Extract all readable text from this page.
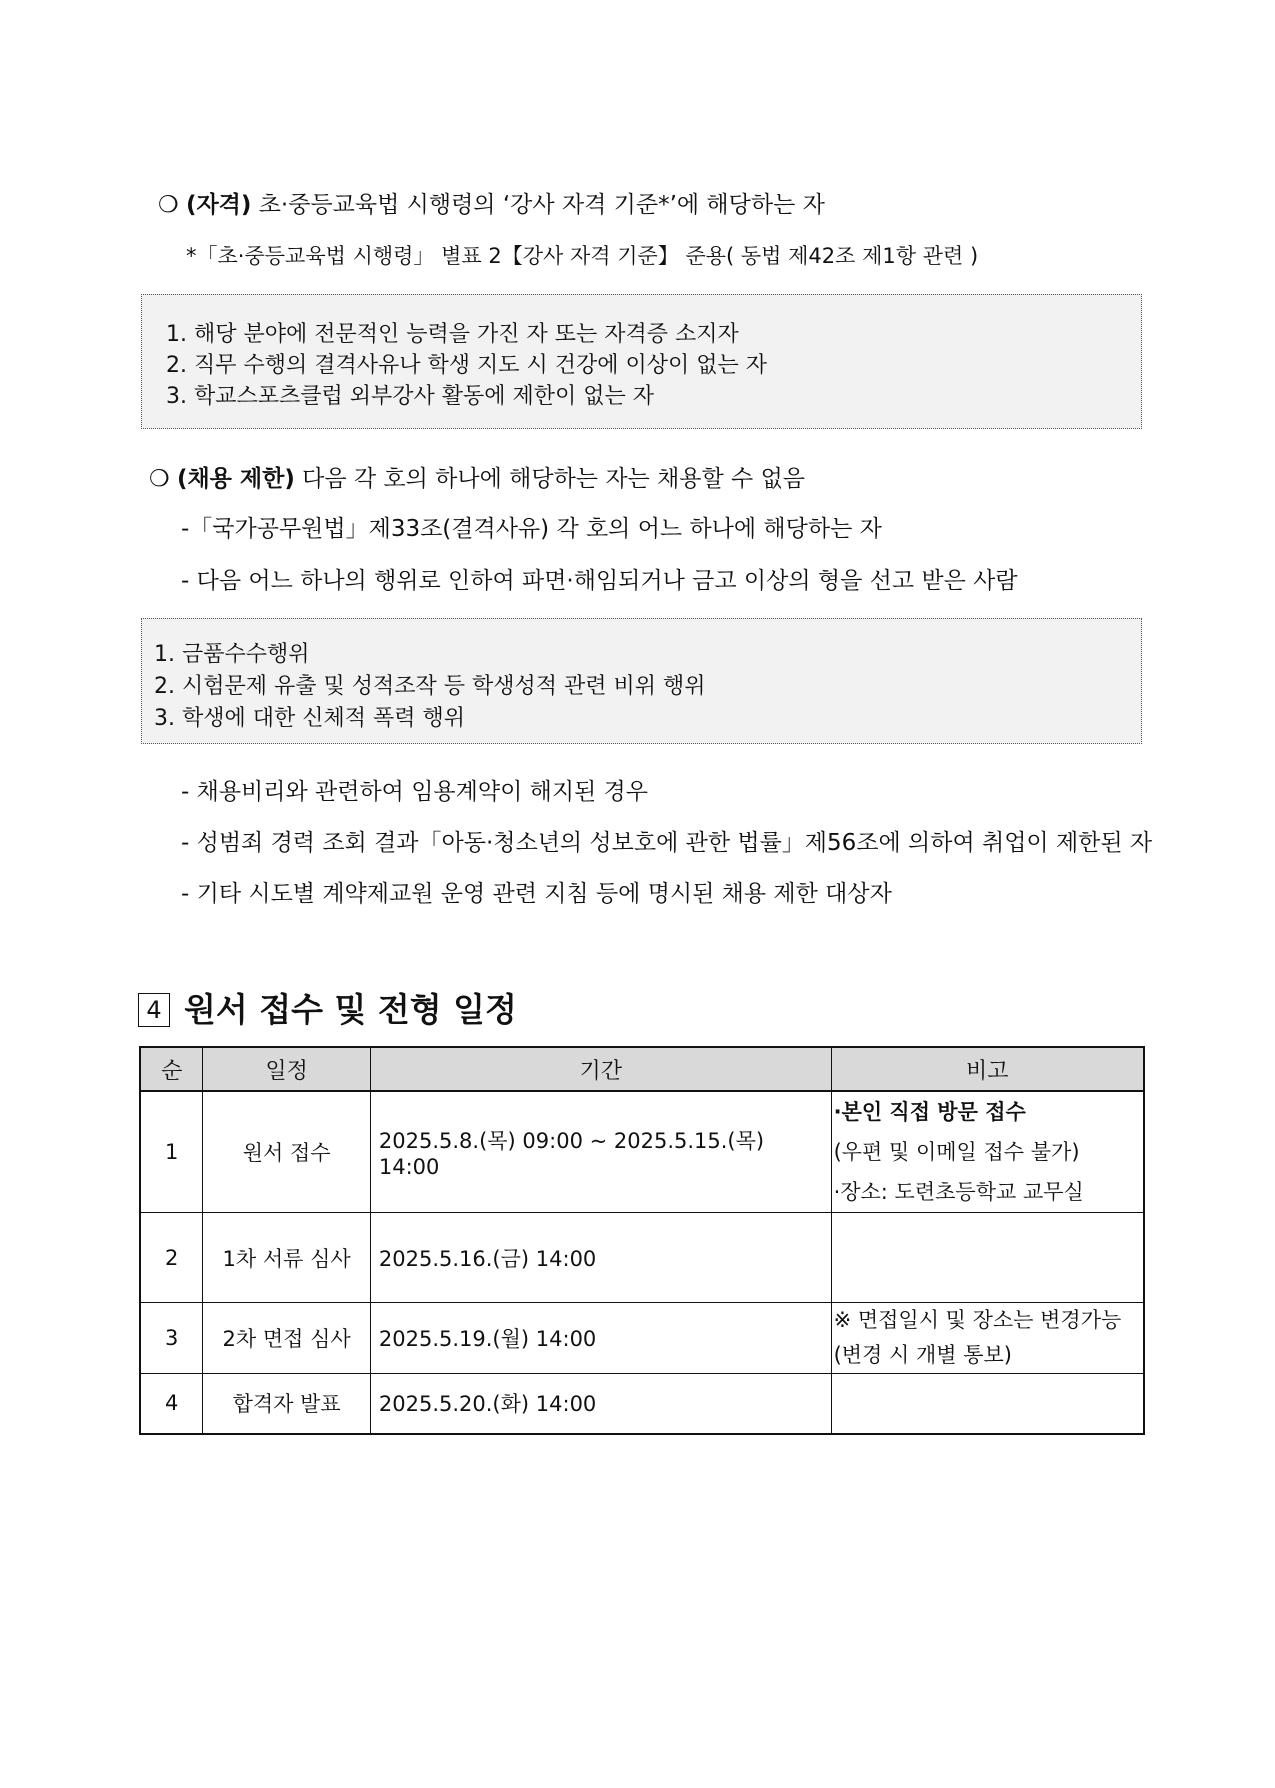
❍ (자격) 초·중등교육법 시행령의 ‘강사 자격 기준*’에 해당하는 자
*「초·중등교육법 시행령」 별표 2【강사 자격 기준】 준용( 동법 제42조 제1항 관련 )
1. 해당 분야에 전문적인 능력을 가진 자 또는 자격증 소지자
2. 직무 수행의 결격사유나 학생 지도 시 건강에 이상이 없는 자
3. 학교스포츠클럽 외부강사 활동에 제한이 없는 자
❍ (채용 제한) 다음 각 호의 하나에 해당하는 자는 채용할 수 없음
-「국가공무원법」제33조(결격사유) 각 호의 어느 하나에 해당하는 자
- 다음 어느 하나의 행위로 인하여 파면·해임되거나 금고 이상의 형을 선고 받은 사람
1. 금품수수행위
2. 시험문제 유출 및 성적조작 등 학생성적 관련 비위 행위
3. 학생에 대한 신체적 폭력 행위
- 채용비리와 관련하여 임용계약이 해지된 경우
- 성범죄 경력 조회 결과「아동·청소년의 성보호에 관한 법률」제56조에 의하여 취업이 제한된 자
- 기타 시도별 계약제교원 운영 관련 지침 등에 명시된 채용 제한 대상자
4 원서 접수 및 전형 일정
순	일정	기간	비고
1	원서 접수	2025.5.8.(목) 09:00 ~ 2025.5.15.(목) 14:00	·본인 직접 방문 접수
(우편 및 이메일 접수 불가)
·장소: 도련초등학교 교무실

2	1차 서류 심사	2025.5.16.(금) 14:00	
3	2차 면접 심사	2025.5.19.(월) 14:00	※ 면접일시 및 장소는 변경가능
(변경 시 개별 통보)

4	합격자 발표	2025.5.20.(화) 14:00	
